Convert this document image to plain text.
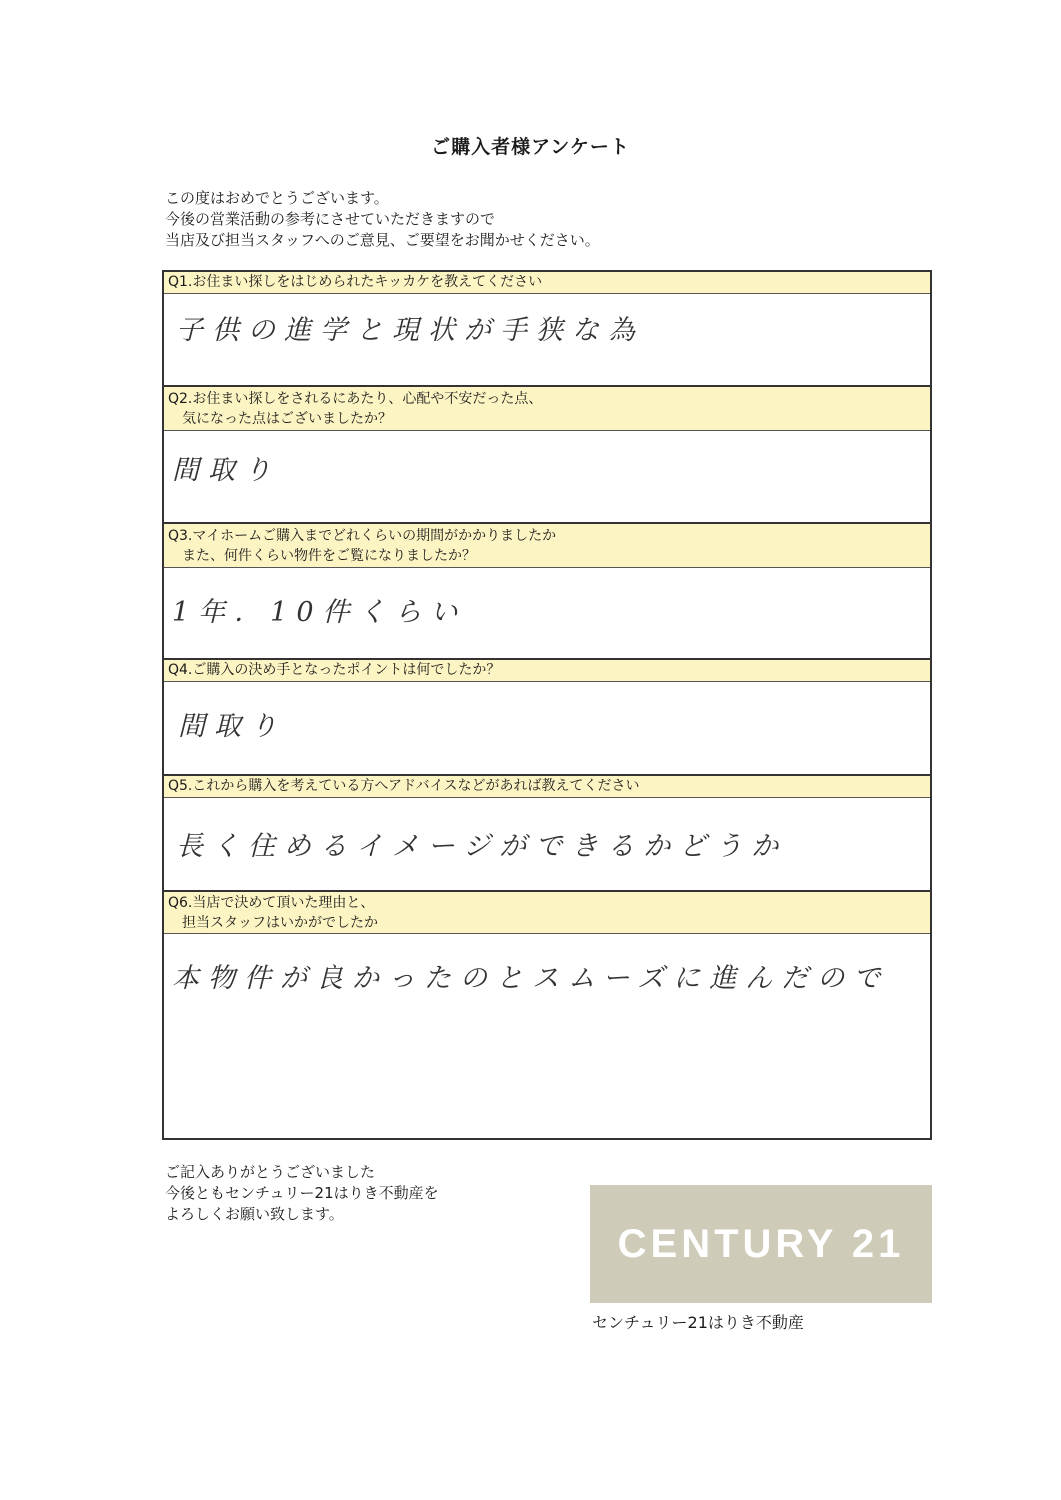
ご購入者様アンケート
この度はおめでとうございます。
今後の営業活動の参考にさせていただきますので
当店及び担当スタッフへのご意見、ご要望をお聞かせください。
Q1.お住まい探しをはじめられたキッカケを教えてください
子供の進学と現状が手狭な為
Q2.お住まい探しをされるにあたり、心配や不安だった点、
　気になった点はございましたか？
間取り
Q3.マイホームご購入までどれくらいの期間がかかりましたか
　また、何件くらい物件をご覧になりましたか？
1年．10件くらい
Q4.ご購入の決め手となったポイントは何でしたか？
間取り
Q5.これから購入を考えている方へアドバイスなどがあれば教えてください
長く住めるイメージができるかどうか
Q6.当店で決めて頂いた理由と、
　担当スタッフはいかがでしたか
本物件が良かったのとスムーズに進んだので
ご記入ありがとうございました
今後ともセンチュリー21はりき不動産を
よろしくお願い致します。
CENTURY 21
センチュリー21はりき不動産
